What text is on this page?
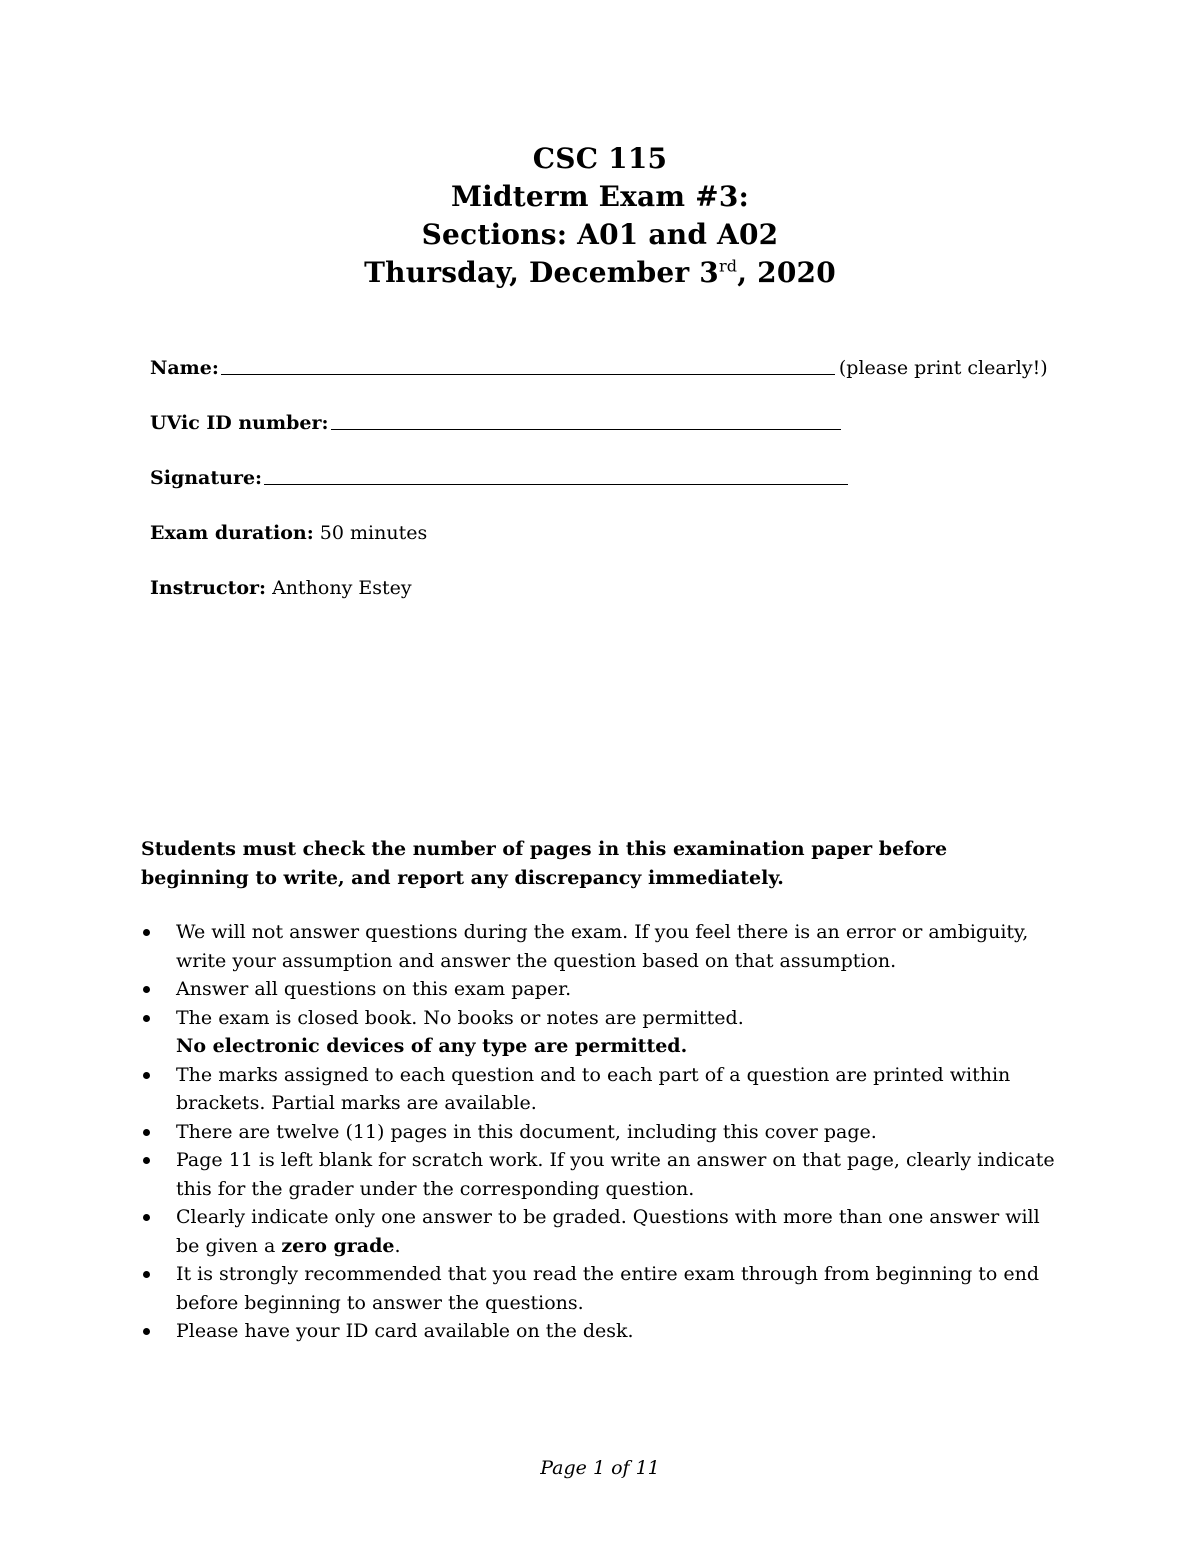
CSC 115
Midterm Exam #3:
Sections: A01 and A02
Thursday, December 3rd, 2020
Name:	(please print clearly!)
UVic ID number:
Signature:
Exam duration: 50 minutes
Instructor: Anthony Estey
Students must check the number of pages in this examination paper before
beginning to write, and report any discrepancy immediately.
We will not answer questions during the exam. If you feel there is an error or ambiguity, write your assumption and answer the question based on that assumption.
Answer all questions on this exam paper.
The exam is closed book. No books or notes are permitted.
No electronic devices of any type are permitted.
The marks assigned to each question and to each part of a question are printed within brackets. Partial marks are available.
There are twelve (11) pages in this document, including this cover page.
Page 11 is left blank for scratch work. If you write an answer on that page, clearly indicate this for the grader under the corresponding question.
Clearly indicate only one answer to be graded. Questions with more than one answer will be given a zero grade.
It is strongly recommended that you read the entire exam through from beginning to end before beginning to answer the questions.
Please have your ID card available on the desk.
Page 1 of 11
